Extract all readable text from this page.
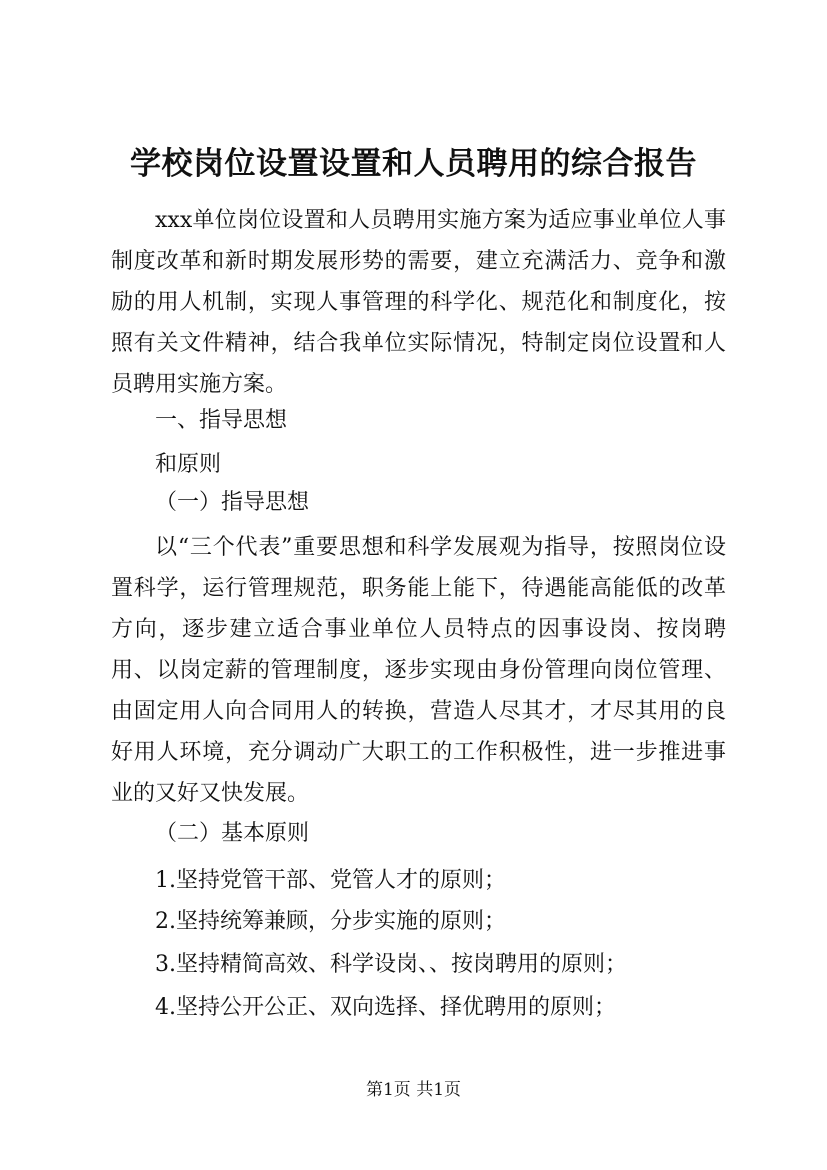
学校岗位设置设置和人员聘用的综合报告

xxx单位岗位设置和人员聘用实施方案为适应事业单位人事制度改革和新时期发展形势的需要，建立充满活力、竞争和激励的用人机制，实现人事管理的科学化、规范化和制度化，按照有关文件精神，结合我单位实际情况，特制定岗位设置和人员聘用实施方案。

一、指导思想

和原则

（一）指导思想

以“三个代表”重要思想和科学发展观为指导，按照岗位设置科学，运行管理规范，职务能上能下，待遇能高能低的改革方向，逐步建立适合事业单位人员特点的因事设岗、按岗聘用、以岗定薪的管理制度，逐步实现由身份管理向岗位管理、由固定用人向合同用人的转换，营造人尽其才，才尽其用的良好用人环境，充分调动广大职工的工作积极性，进一步推进事业的又好又快发展。

（二）基本原则

1.坚持党管干部、党管人才的原则；

2.坚持统筹兼顾，分步实施的原则；

3.坚持精简高效、科学设岗、、按岗聘用的原则；

4.坚持公开公正、双向选择、择优聘用的原则；

第1页 共1页
